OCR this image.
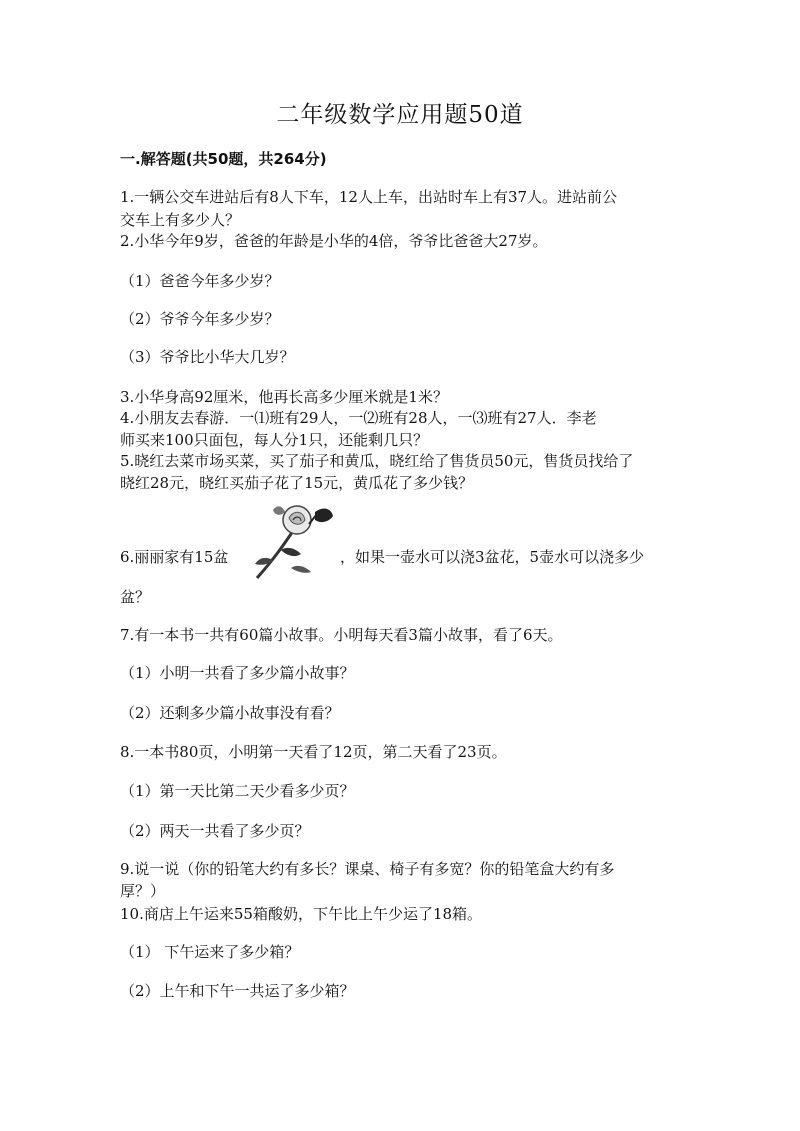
二年级数学应用题50道
一.解答题(共50题，共264分)
1.一辆公交车进站后有8人下车，12人上车，出站时车上有37人。进站前公
交车上有多少人？
2.小华今年9岁，爸爸的年龄是小华的4倍，爷爷比爸爸大27岁。
（1）爸爸今年多少岁？
（2）爷爷今年多少岁？
（3）爷爷比小华大几岁？
3.小华身高92厘米，他再长高多少厘米就是1米？
4.小朋友去春游．一⑴班有29人，一⑵班有28人，一⑶班有27人．李老
师买来100只面包，每人分1只，还能剩几只？
5.晓红去菜市场买菜，买了茄子和黄瓜，晓红给了售货员50元，售货员找给了
晓红28元，晓红买茄子花了15元，黄瓜花了多少钱？
6.丽丽家有15盆	，如果一壶水可以浇3盆花，5壶水可以浇多少
盆？
7.有一本书一共有60篇小故事。小明每天看3篇小故事，看了6天。
（1）小明一共看了多少篇小故事？
（2）还剩多少篇小故事没有看？
8.一本书80页，小明第一天看了12页，第二天看了23页。
（1）第一天比第二天少看多少页？
（2）两天一共看了多少页？
9.说一说（你的铅笔大约有多长？课桌、椅子有多宽？你的铅笔盒大约有多
厚？）
10.商店上午运来55箱酸奶，下午比上午少运了18箱。
（1） 下午运来了多少箱？
（2）上午和下午一共运了多少箱？
